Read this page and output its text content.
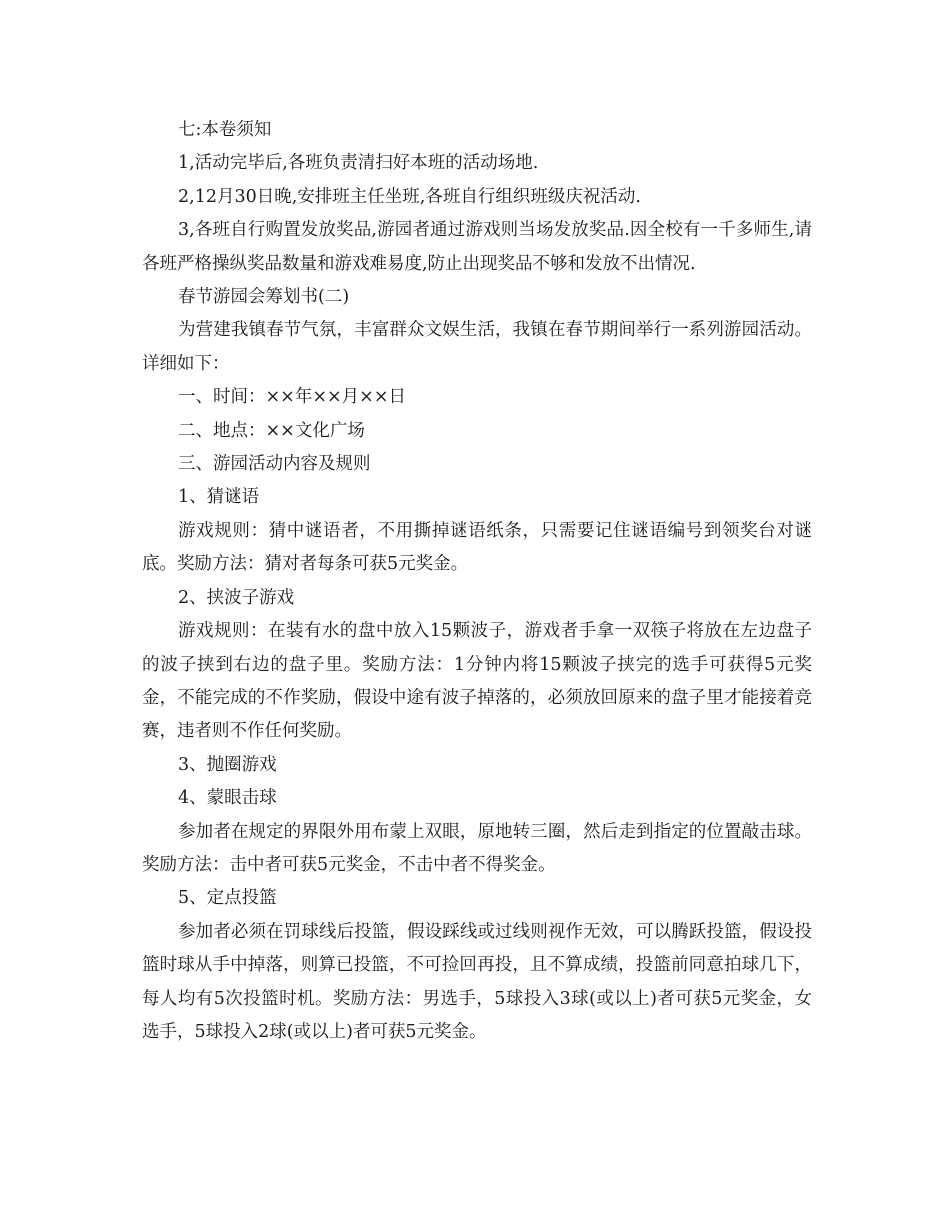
七:本卷须知

1,活动完毕后,各班负责清扫好本班的活动场地.

2,12月30日晚,安排班主任坐班,各班自行组织班级庆祝活动.

3,各班自行购置发放奖品,游园者通过游戏则当场发放奖品.因全校有一千多师生,请各班严格操纵奖品数量和游戏难易度,防止出现奖品不够和发放不出情况.

春节游园会筹划书(二)

为营建我镇春节气氛，丰富群众文娱生活，我镇在春节期间举行一系列游园活动。详细如下：

一、时间：××年××月××日

二、地点：××文化广场

三、游园活动内容及规则

1、猜谜语

游戏规则：猜中谜语者，不用撕掉谜语纸条，只需要记住谜语编号到领奖台对谜底。奖励方法：猜对者每条可获5元奖金。

2、挟波子游戏

游戏规则：在装有水的盘中放入15颗波子，游戏者手拿一双筷子将放在左边盘子的波子挟到右边的盘子里。奖励方法：1分钟内将15颗波子挟完的选手可获得5元奖金，不能完成的不作奖励，假设中途有波子掉落的，必须放回原来的盘子里才能接着竞赛，违者则不作任何奖励。

3、抛圈游戏

4、蒙眼击球

参加者在规定的界限外用布蒙上双眼，原地转三圈，然后走到指定的位置敲击球。奖励方法：击中者可获5元奖金，不击中者不得奖金。

5、定点投篮

参加者必须在罚球线后投篮，假设踩线或过线则视作无效，可以腾跃投篮，假设投篮时球从手中掉落，则算已投篮，不可捡回再投，且不算成绩，投篮前同意拍球几下，每人均有5次投篮时机。奖励方法：男选手，5球投入3球(或以上)者可获5元奖金，女选手，5球投入2球(或以上)者可获5元奖金。
